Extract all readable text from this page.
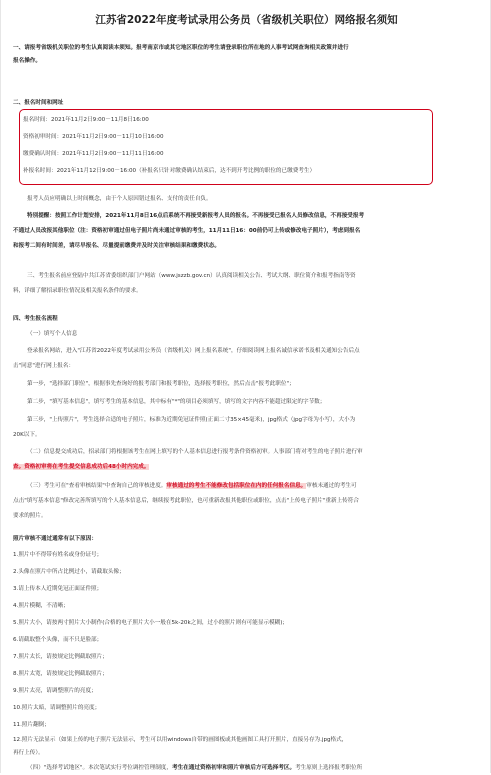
江苏省2022年度考试录用公务员（省级机关职位）网络报名须知
一、请报考省级机关职位的考生认真阅读本须知。报考南京市或其它地区职位的考生请登录职位所在地的人事考试网查询相关政策并进行
报名操作。
二、报名时间和网址
报名时间：2021年11月2日9:00－11月8日16:00
资格初审时间：2021年11月2日9:00－11月10日16:00
缴费确认时间：2021年11月2日9:00－11月11日16:00
补报名时间：2021年11月12日9:00－16:00（补报名只针对缴费确认结束后，达不到开考比例的职位的已缴费考生）
报考人员应明确以上时间概念，由于个人原因错过报名、支付的责任自负。
特别提醒：按照工作计划安排，2021年11月8日16点后系统不再接受新报考人员的报名。不再接受已报名人员修改信息，不再接受报考
不通过人员改报其他职位（注：资格初审通过但电子照片尚未通过审核的考生，11月11日16：00前仍可上传或修改电子照片），考虑到报名
和报考二间有时间差，请尽早报名、尽量提前缴费并及时关注审核结果和缴费状态。
三、考生报名前应登陆中共江苏省委组织部门户网站（www.jszzb.gov.cn）认真阅读相关公告、考试大纲、职位简介和报考指南等资
料，详细了解招录职位情况及相关报名条件的要求。
四、考生报名流程
（一）填写个人信息
登录报名网站，进入"江苏省2022年度考试录用公务员（省级机关）网上报名系统"，仔细阅读网上报名诚信承诺书及相关通知公告后点
击"同意"进行网上报名：
第一步，"选择部门职位"，根据事先查询好的报考部门和报考职位，选择报考职位，然后点击"报考此职位"；
第二步，"填写基本信息"，填写考生的基本信息，其中标有"*"的项目必须填写，填写的文字内容不能超过限定的字节数；
第三步，"上传照片"，考生选择合适的电子照片，标准为近期免冠证件照(正面二寸35×45毫米)，jpg格式（jpg字母为小写），大小为
20K以下。
（二）信息提交成功后，招录部门将根据该考生在网上填写的个人基本信息进行报考条件资格初审。人事部门将对考生的电子照片进行审
查。资格初审将在考生提交信息成功后48小时内完成。
（三）考生可在"查看审核结果"中查询自己的审核进度。审核通过的考生不能修改包括职位在内的任何报名信息。审核未通过的考生可
点击"填写基本信息"修改完善所填写的个人基本信息后，继续报考此职位，也可重新改报其他职位或职位，点击"上传电子照片"重新上传符合
要求的照片。
照片审核不通过通常有以下原因：
1.照片中不得带有姓名或身份证号；
2.头像在照片中所占比例过小，请截取头像；
3.请上传本人近期免冠正面证件照；
4.照片模糊，不清晰；
5.照片大小，请按两寸照片大小制作(合格的电子照片大小一般在5k-20k之间，过小的照片则有可能显示模糊)；
6.请截取整个头像，而不只是脸部；
7.照片太长，请按规定比例截取照片；
8.照片太宽，请按规定比例截取照片；
9.照片太亮，请调整照片的亮度；
10.照片太暗，请调整照片的亮度；
11.照片翻倒；
12.照片无法显示（如果上传的电子照片无法显示，考生可以用windows自带的画图板或其他画图工具打开照片，直接另存为.jpg格式，
再行上传）。
（四）"选择考试地区"。本次笔试实行考位调控管理制度，考生在通过资格初审和照片审核后方可选择考区。考生原则上选择报考职位所
